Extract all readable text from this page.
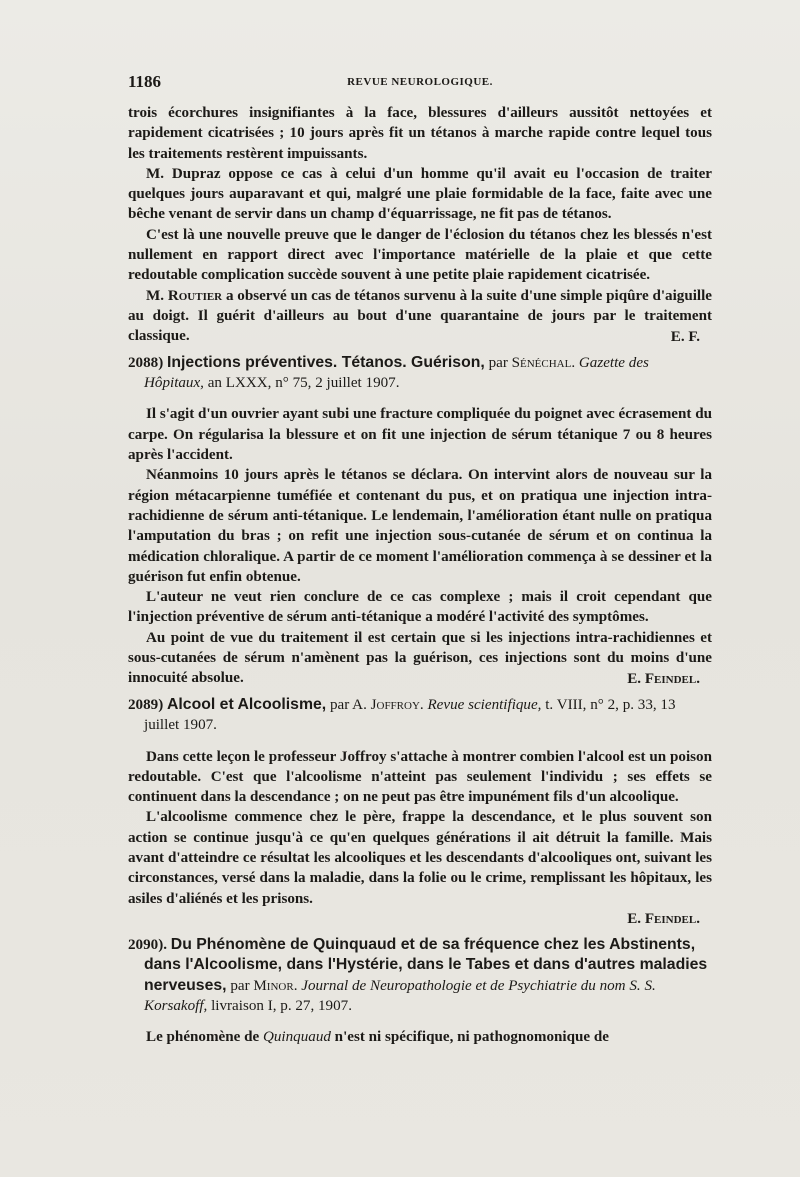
1186	REVUE NEUROLOGIQUE.

trois écorchures insignifiantes à la face, blessures d'ailleurs aussitôt nettoyées et rapidement cicatrisées ; 10 jours après fit un tétanos à marche rapide contre lequel tous les traitements restèrent impuissants.

M. Dupraz oppose ce cas à celui d'un homme qu'il avait eu l'occasion de traiter quelques jours auparavant et qui, malgré une plaie formidable de la face, faite avec une bêche venant de servir dans un champ d'équarrissage, ne fit pas de tétanos.

C'est là une nouvelle preuve que le danger de l'éclosion du tétanos chez les blessés n'est nullement en rapport direct avec l'importance matérielle de la plaie et que cette redoutable complication succède souvent à une petite plaie rapidement cicatrisée.

M. Routier a observé un cas de tétanos survenu à la suite d'une simple piqûre d'aiguille au doigt. Il guérit d'ailleurs au bout d'une quarantaine de jours par le traitement classique.	E. F.

2088) Injections préventives. Tétanos. Guérison, par Sénéchal. Gazette des Hôpitaux, an LXXX, n° 75, 2 juillet 1907.

Il s'agit d'un ouvrier ayant subi une fracture compliquée du poignet avec écrasement du carpe. On régularisa la blessure et on fit une injection de sérum tétanique 7 ou 8 heures après l'accident.

Néanmoins 10 jours après le tétanos se déclara. On intervint alors de nouveau sur la région métacarpienne tuméfiée et contenant du pus, et on pratiqua une injection intra-rachidienne de sérum anti-tétanique. Le lendemain, l'amélioration étant nulle on pratiqua l'amputation du bras ; on refit une injection sous-cutanée de sérum et on continua la médication chloralique. A partir de ce moment l'amélioration commença à se dessiner et la guérison fut enfin obtenue.

L'auteur ne veut rien conclure de ce cas complexe ; mais il croit cependant que l'injection préventive de sérum anti-tétanique a modéré l'activité des symptômes.

Au point de vue du traitement il est certain que si les injections intra-rachidiennes et sous-cutanées de sérum n'amènent pas la guérison, ces injections sont du moins d'une innocuité absolue.	E. Feindel.

2089) Alcool et Alcoolisme, par A. Joffroy. Revue scientifique, t. VIII, n° 2, p. 33, 13 juillet 1907.

Dans cette leçon le professeur Joffroy s'attache à montrer combien l'alcool est un poison redoutable. C'est que l'alcoolisme n'atteint pas seulement l'individu ; ses effets se continuent dans la descendance ; on ne peut pas être impunément fils d'un alcoolique.

L'alcoolisme commence chez le père, frappe la descendance, et le plus souvent son action se continue jusqu'à ce qu'en quelques générations il ait détruit la famille. Mais avant d'atteindre ce résultat les alcooliques et les descendants d'alcooliques ont, suivant les circonstances, versé dans la maladie, dans la folie ou le crime, remplissant les hôpitaux, les asiles d'aliénés et les prisons.

E. Feindel.

2090). Du Phénomène de Quinquaud et de sa fréquence chez les Abstinents, dans l'Alcoolisme, dans l'Hystérie, dans le Tabes et dans d'autres maladies nerveuses, par Minor. Journal de Neuropathologie et de Psychiatrie du nom S. S. Korsakoff, livraison I, p. 27, 1907.

Le phénomène de Quinquaud n'est ni spécifique, ni pathognomonique de
